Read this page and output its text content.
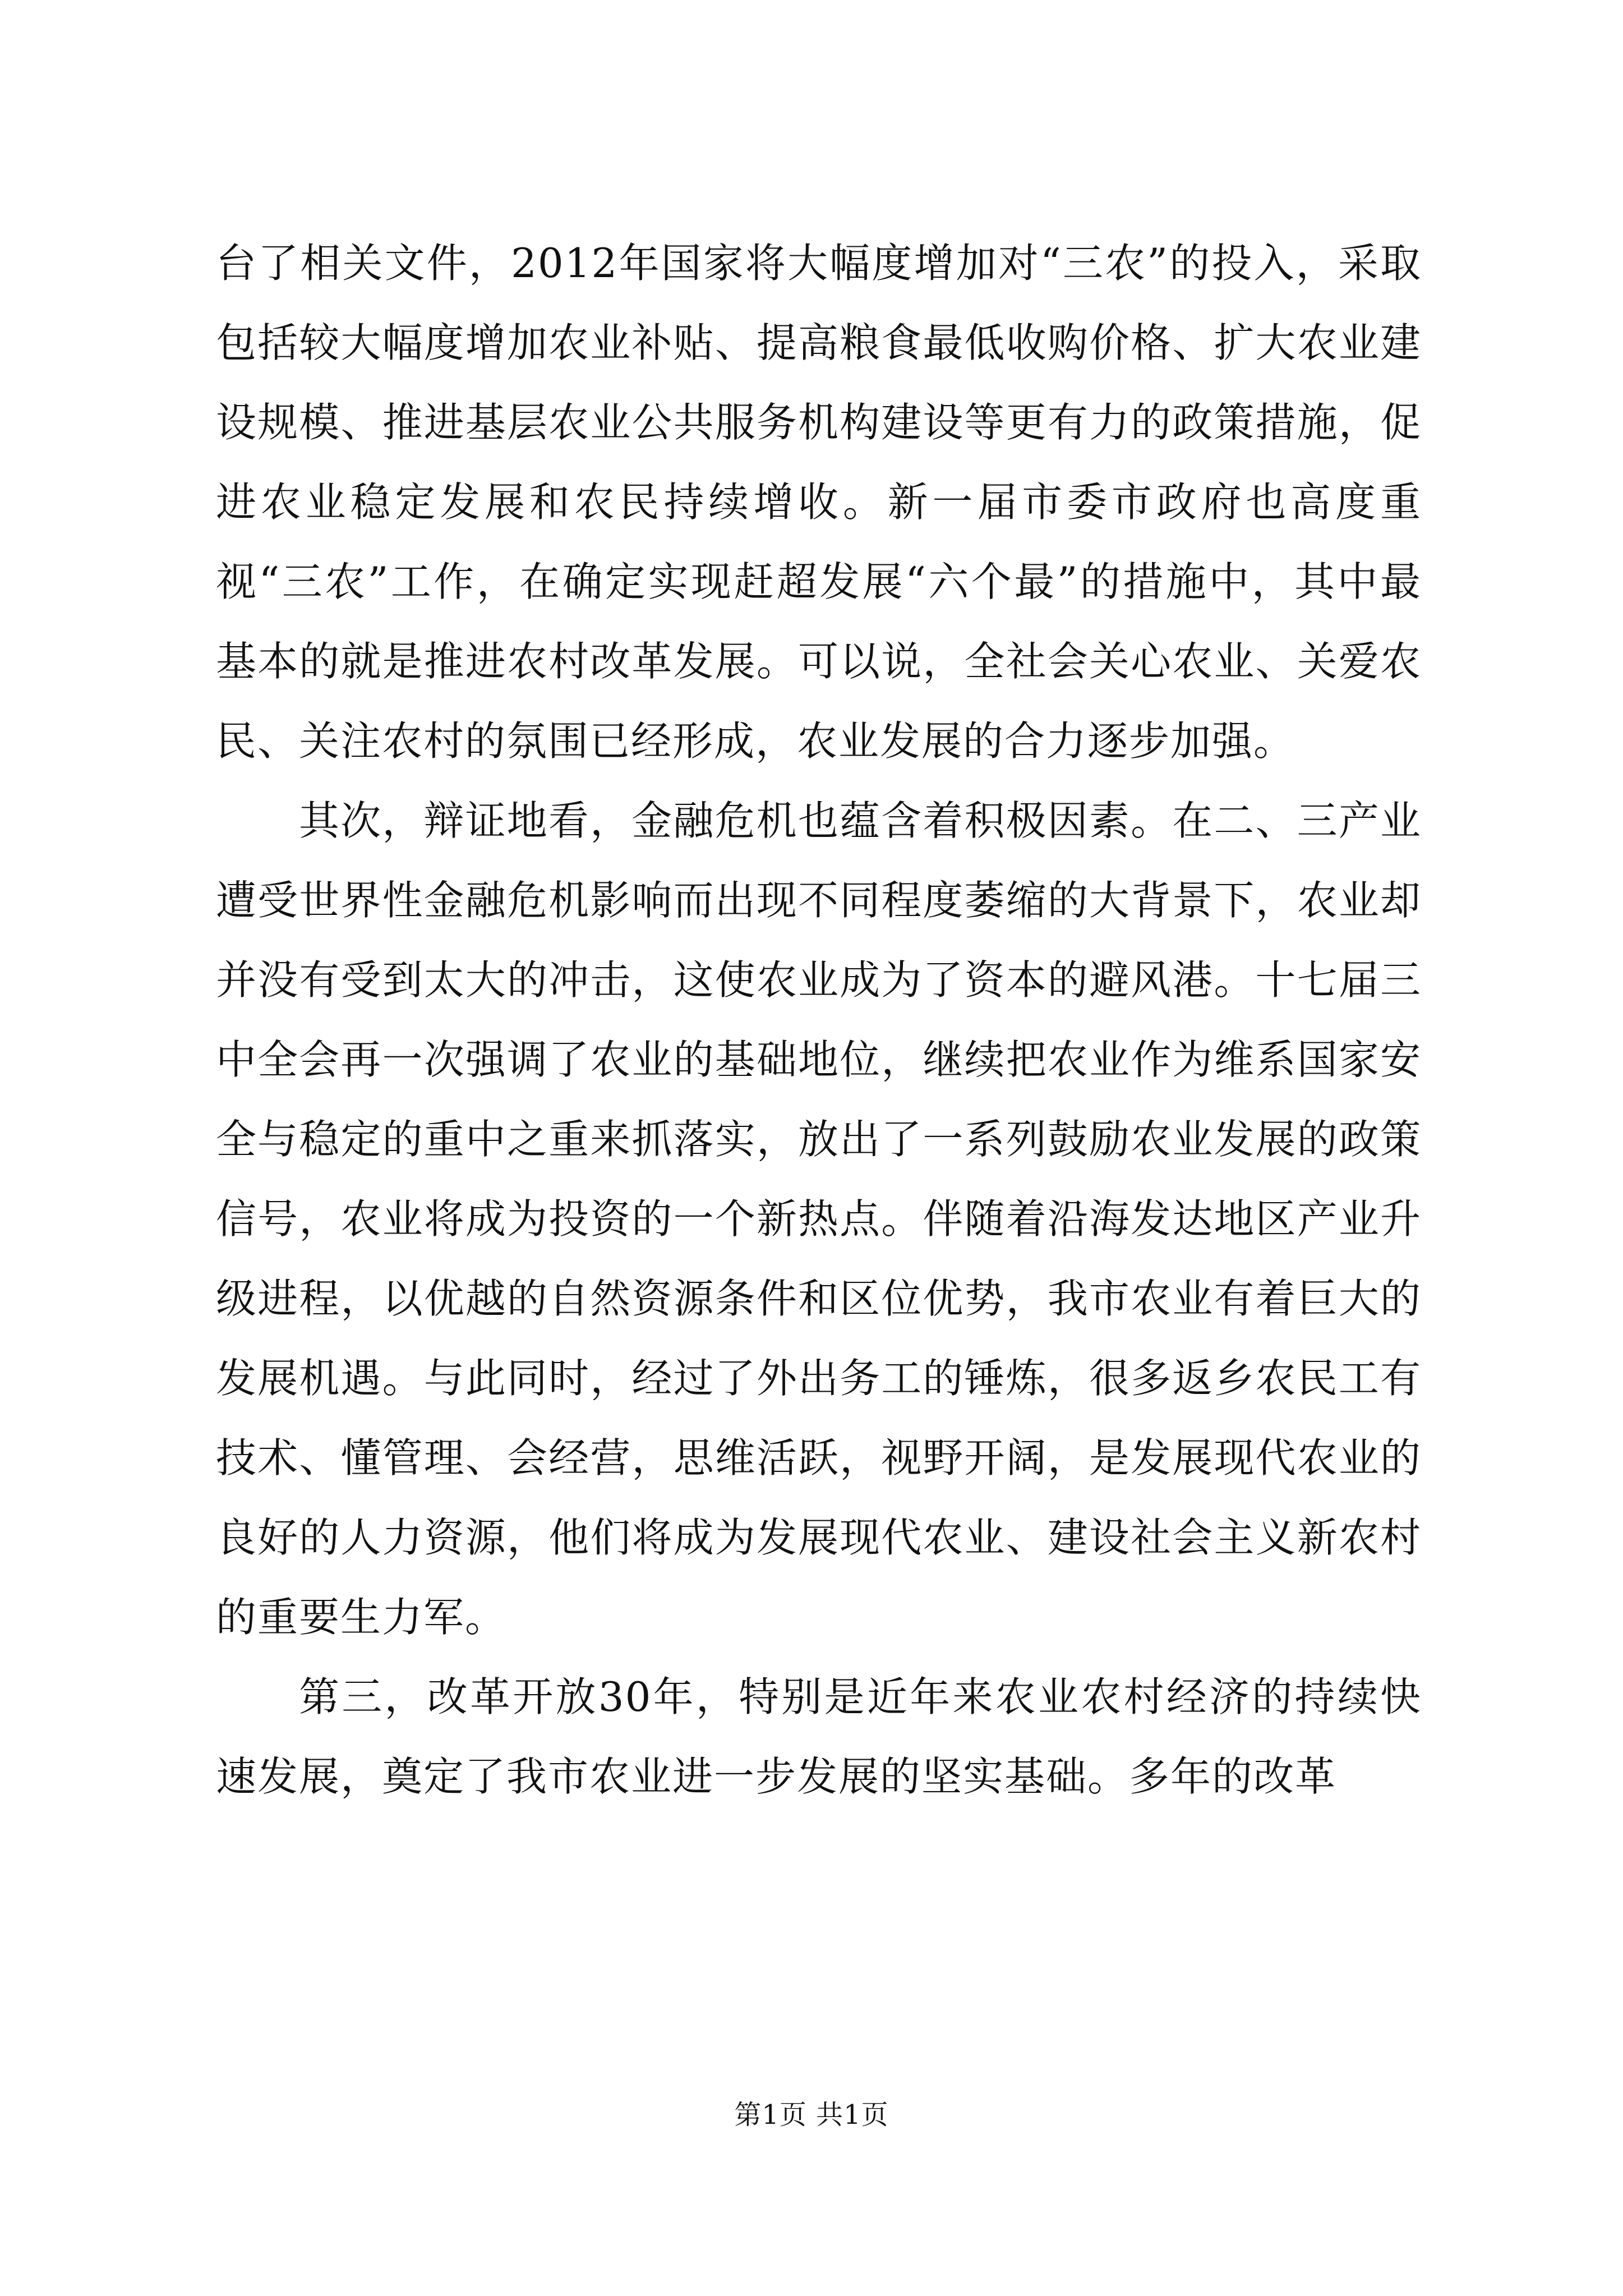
台了相关文件，2012年国家将大幅度增加对“三农”的投入，采取包括较大幅度增加农业补贴、提高粮食最低收购价格、扩大农业建设规模、推进基层农业公共服务机构建设等更有力的政策措施，促进农业稳定发展和农民持续增收。新一届市委市政府也高度重视“三农”工作，在确定实现赶超发展“六个最”的措施中，其中最基本的就是推进农村改革发展。可以说，全社会关心农业、关爱农民、关注农村的氛围已经形成，农业发展的合力逐步加强。

其次，辩证地看，金融危机也蕴含着积极因素。在二、三产业遭受世界性金融危机影响而出现不同程度萎缩的大背景下，农业却并没有受到太大的冲击，这使农业成为了资本的避风港。十七届三中全会再一次强调了农业的基础地位，继续把农业作为维系国家安全与稳定的重中之重来抓落实，放出了一系列鼓励农业发展的政策信号，农业将成为投资的一个新热点。伴随着沿海发达地区产业升级进程，以优越的自然资源条件和区位优势，我市农业有着巨大的发展机遇。与此同时，经过了外出务工的锤炼，很多返乡农民工有技术、懂管理、会经营，思维活跃，视野开阔，是发展现代农业的良好的人力资源，他们将成为发展现代农业、建设社会主义新农村的重要生力军。

第三，改革开放30年，特别是近年来农业农村经济的持续快速发展，奠定了我市农业进一步发展的坚实基础。多年的改革

第1页 共1页
